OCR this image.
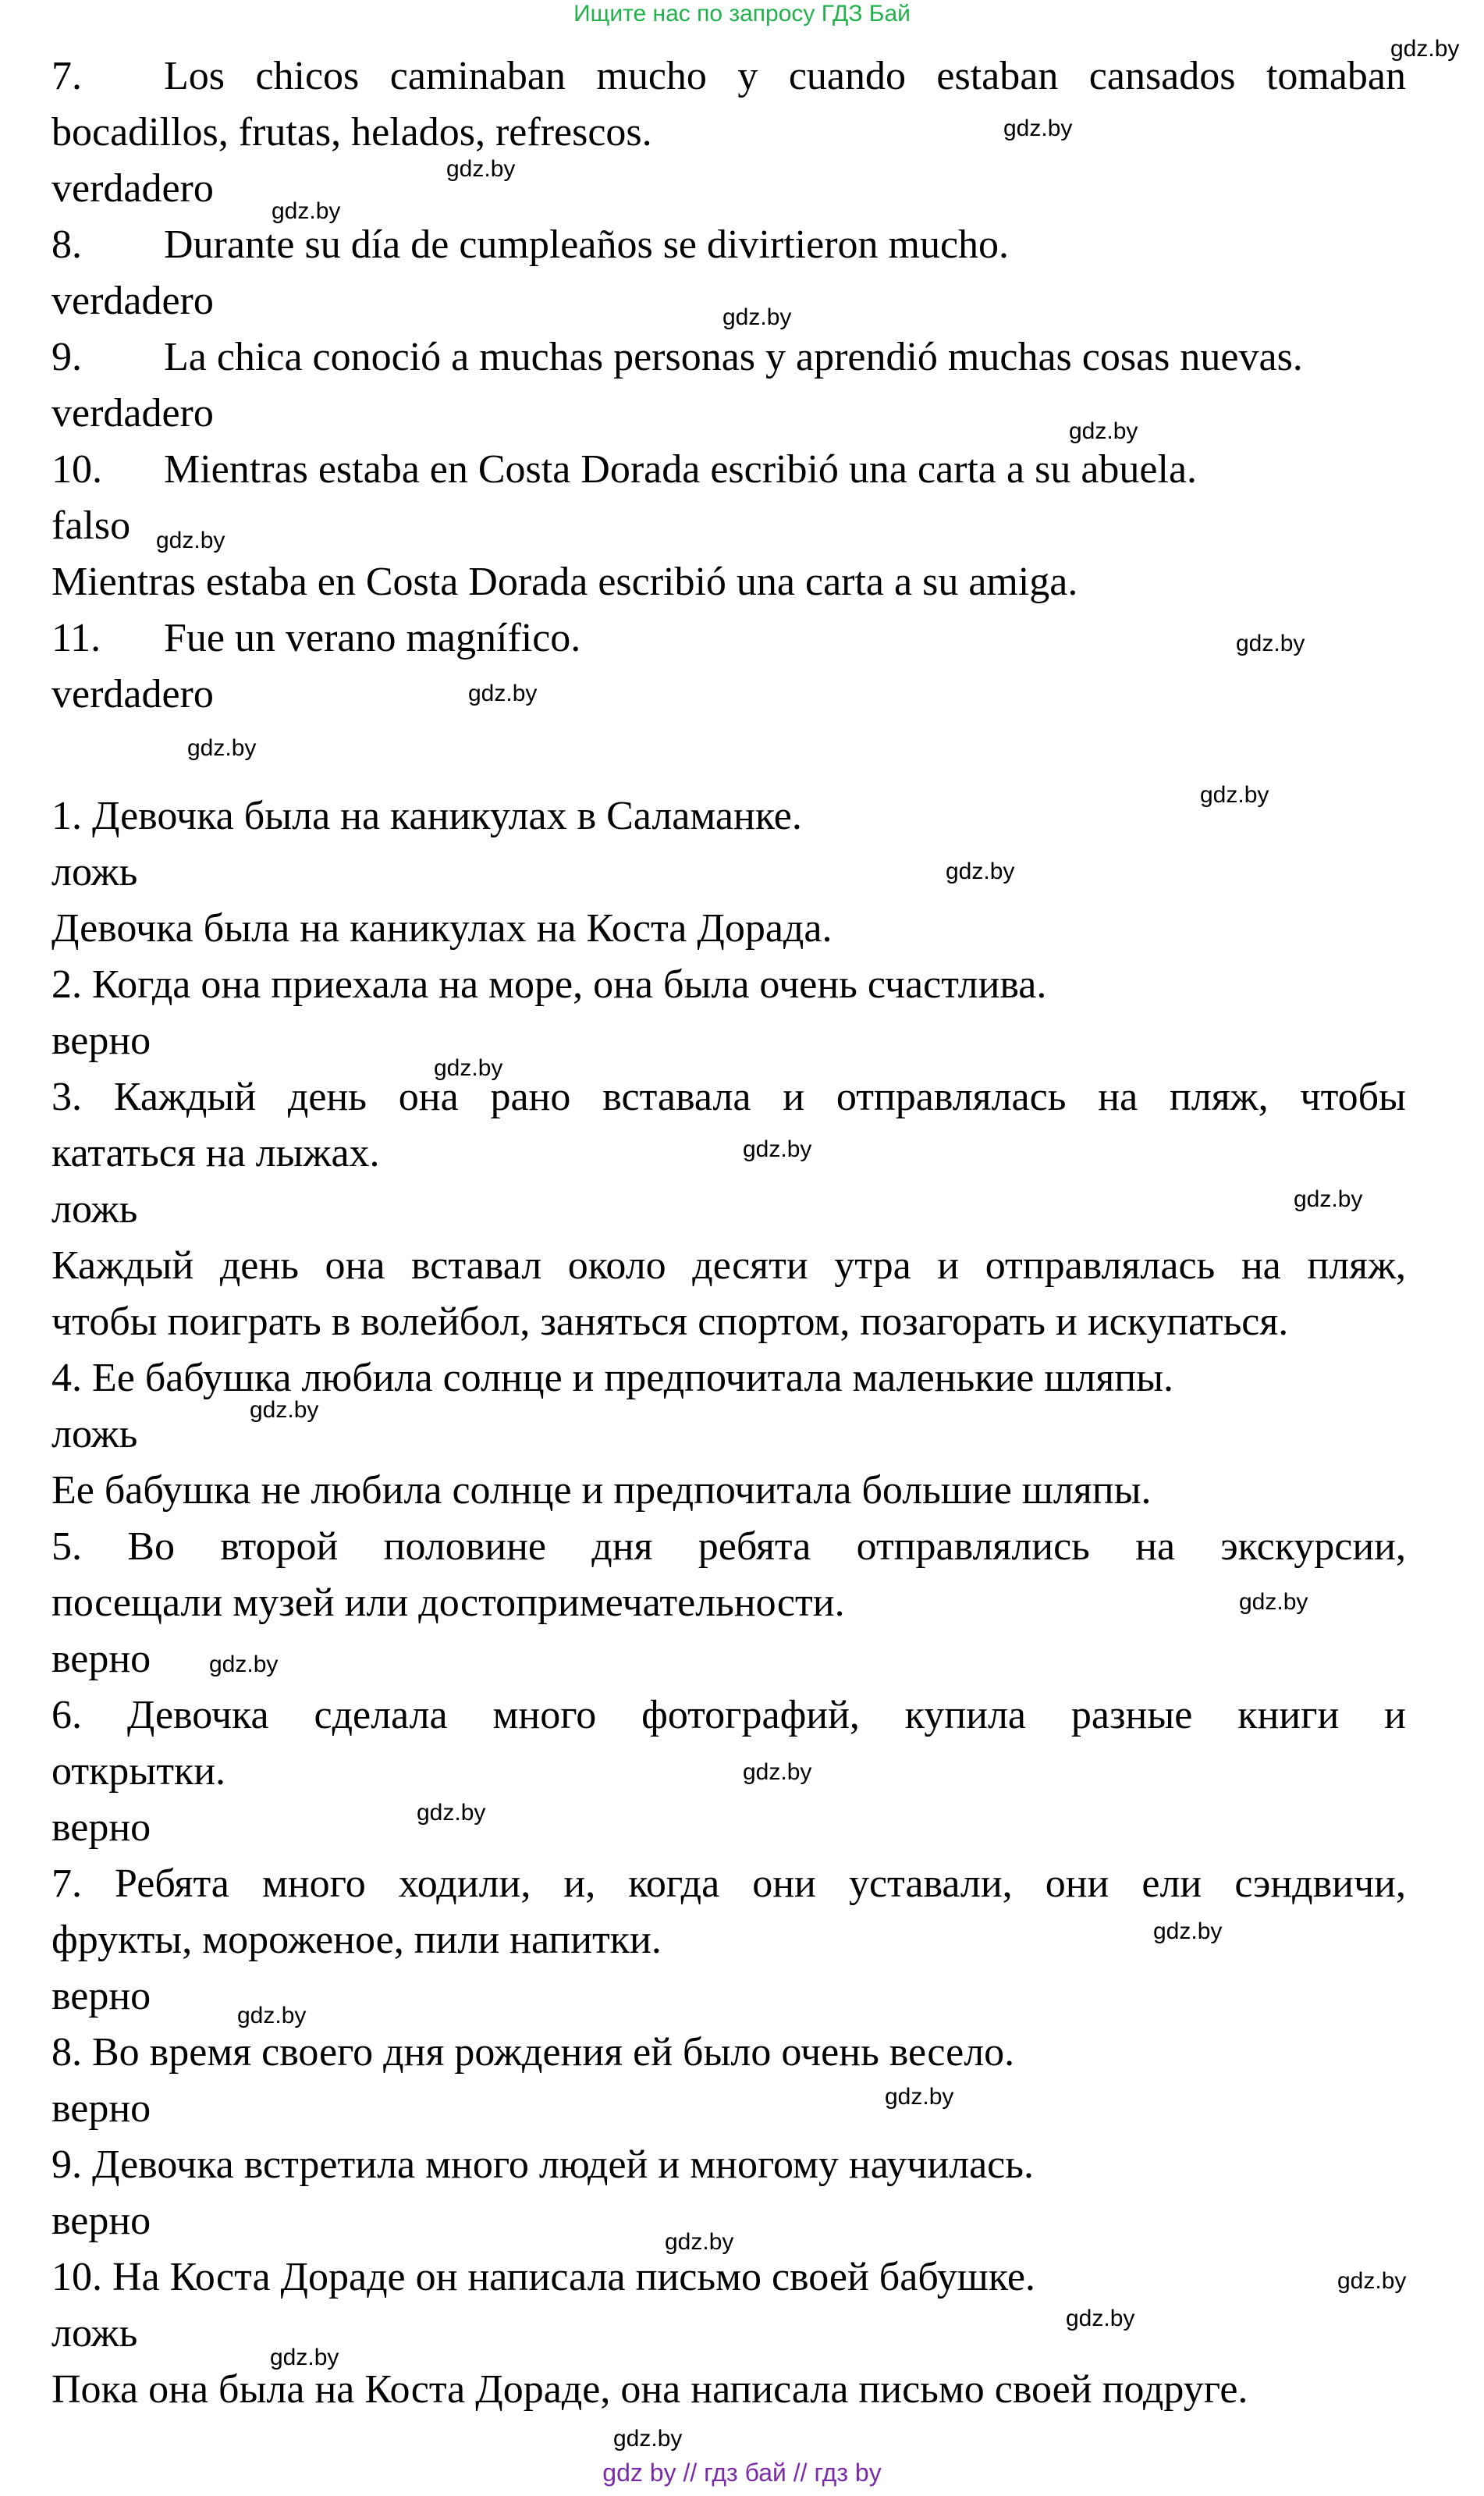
Ищите нас по запросу ГДЗ Бай
7. Los chicos caminaban mucho y cuando estaban cansados tomaban
bocadillos, frutas, helados, refrescos.
verdadero
8. Durante su día de cumpleaños se divirtieron mucho.
verdadero
9. La chica conoció a muchas personas y aprendió muchas cosas nuevas.
verdadero
10. Mientras estaba en Costa Dorada escribió una carta a su abuela.
falso
Mientras estaba en Costa Dorada escribió una carta a su amiga.
11. Fue un verano magnífico.
verdadero
1. Девочка была на каникулах в Саламанке.
ложь
Девочка была на каникулах на Коста Дорада.
2. Когда она приехала на море, она была очень счастлива.
верно
3. Каждый день она рано вставала и отправлялась на пляж, чтобы
кататься на лыжах.
ложь
Каждый день она вставал около десяти утра и отправлялась на пляж,
чтобы поиграть в волейбол, заняться спортом, позагорать и искупаться.
4. Ее бабушка любила солнце и предпочитала маленькие шляпы.
ложь
Ее бабушка не любила солнце и предпочитала большие шляпы.
5. Во второй половине дня ребята отправлялись на экскурсии,
посещали музей или достопримечательности.
верно
6. Девочка сделала много фотографий, купила разные книги и
открытки.
верно
7. Ребята много ходили, и, когда они уставали, они ели сэндвичи,
фрукты, мороженое, пили напитки.
верно
8. Во время своего дня рождения ей было очень весело.
верно
9. Девочка встретила много людей и многому научилась.
верно
10. На Коста Дораде он написала письмо своей бабушке.
ложь
Пока она была на Коста Дораде, она написала письмо своей подруге.
gdz.by
gdz.by
gdz.by
gdz.by
gdz.by
gdz.by
gdz.by
gdz.by
gdz.by
gdz.by
gdz.by
gdz.by
gdz.by
gdz.by
gdz.by
gdz.by
gdz.by
gdz.by
gdz.by
gdz.by
gdz.by
gdz.by
gdz.by
gdz.by
gdz.by
gdz.by
gdz.by
gdz.by
gdz by // гдз бай // гдз by
